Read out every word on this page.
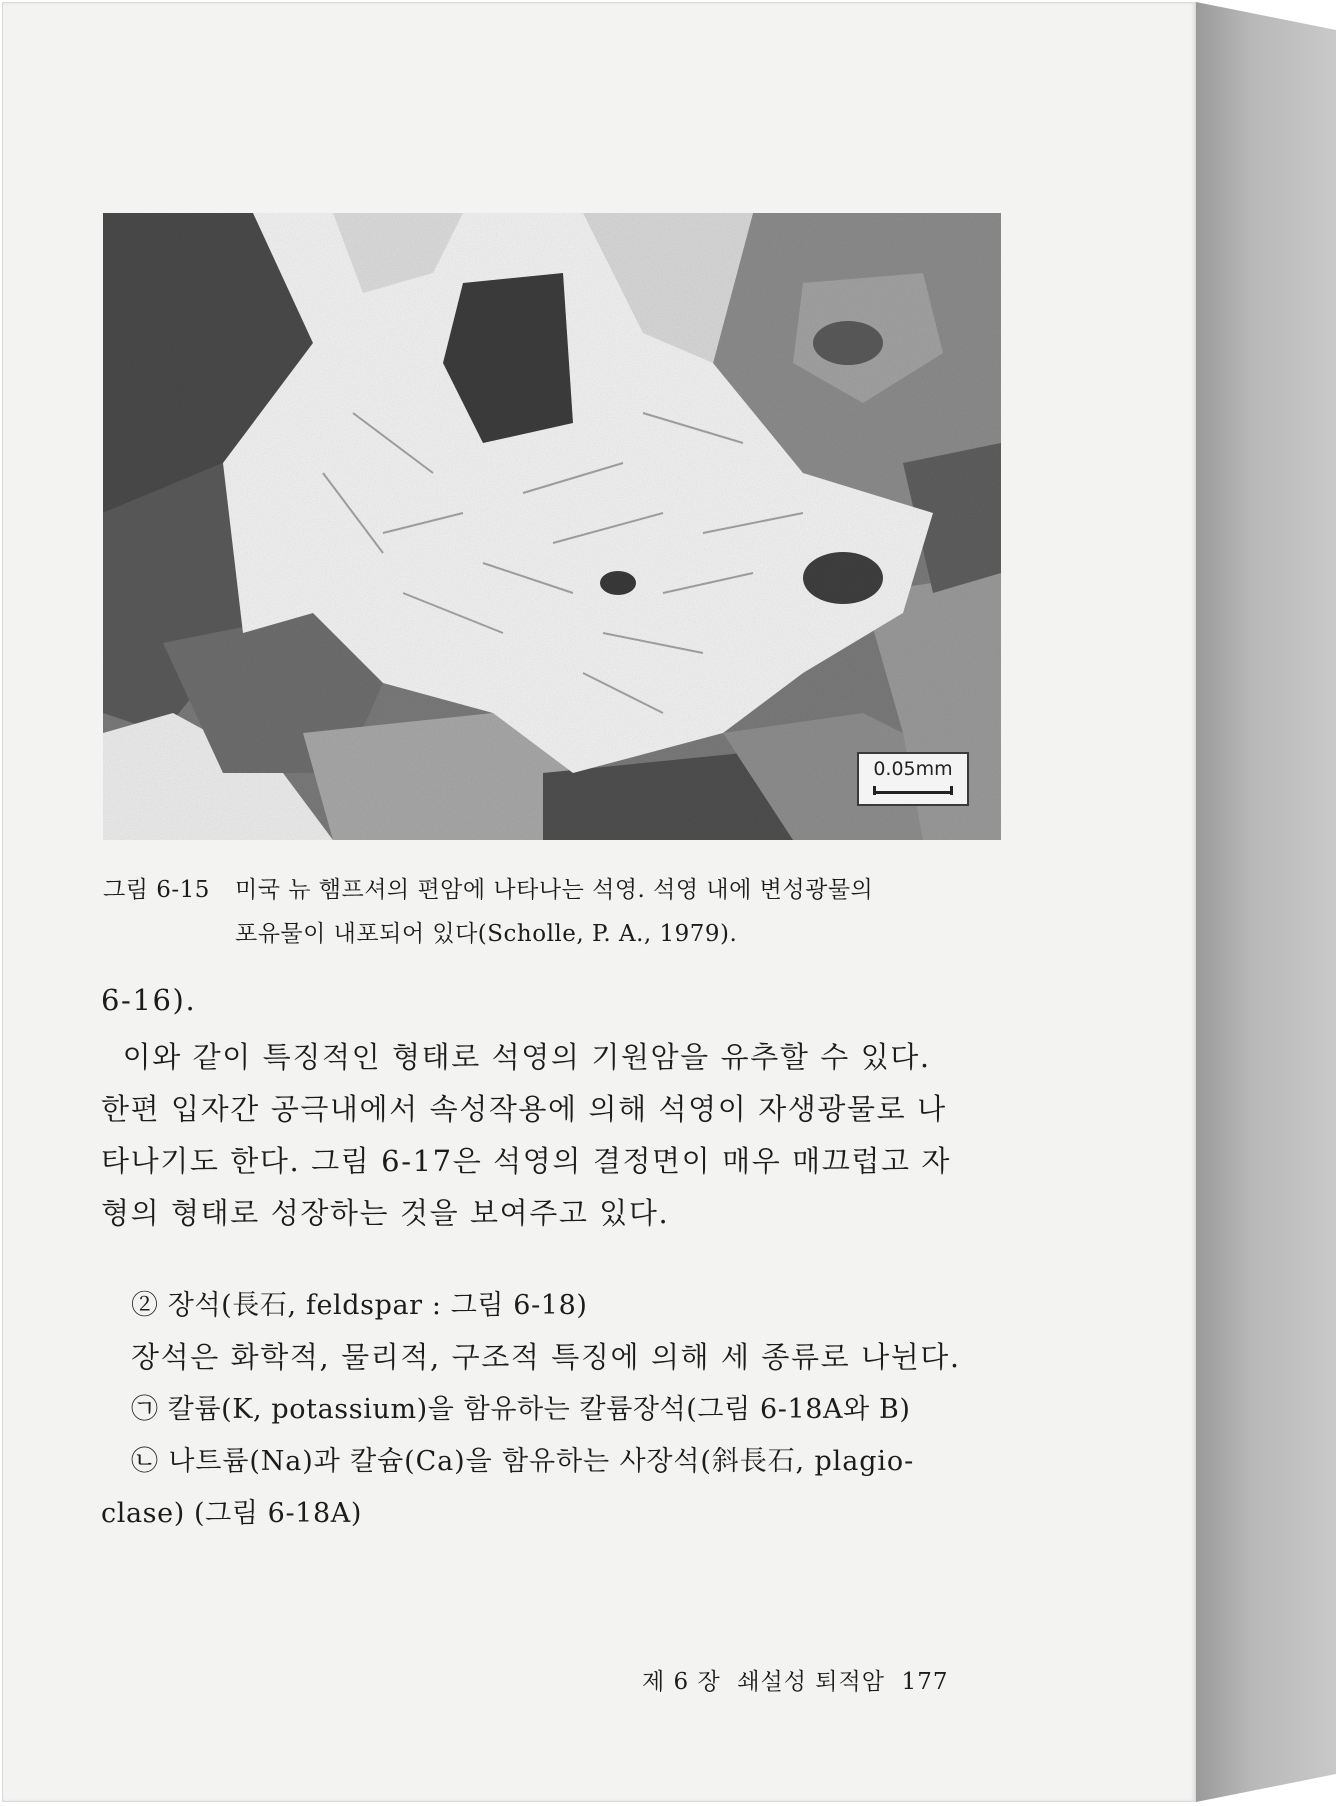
0.05mm
그림 6-15 미국 뉴 햄프셔의 편암에 나타나는 석영. 석영 내에 변성광물의
포유물이 내포되어 있다(Scholle, P. A., 1979).
6-16).
이와 같이 특징적인 형태로 석영의 기원암을 유추할 수 있다.
한편 입자간 공극내에서 속성작용에 의해 석영이 자생광물로 나
타나기도 한다. 그림 6-17은 석영의 결정면이 매우 매끄럽고 자
형의 형태로 성장하는 것을 보여주고 있다.
② 장석(長石, feldspar : 그림 6-18)
장석은 화학적, 물리적, 구조적 특징에 의해 세 종류로 나뉜다.
㉠ 칼륨(K, potassium)을 함유하는 칼륨장석(그림 6-18A와 B)
㉡ 나트륨(Na)과 칼슘(Ca)을 함유하는 사장석(斜長石, plagio-
clase) (그림 6-18A)
제 6 장  쇄설성 퇴적암  177
